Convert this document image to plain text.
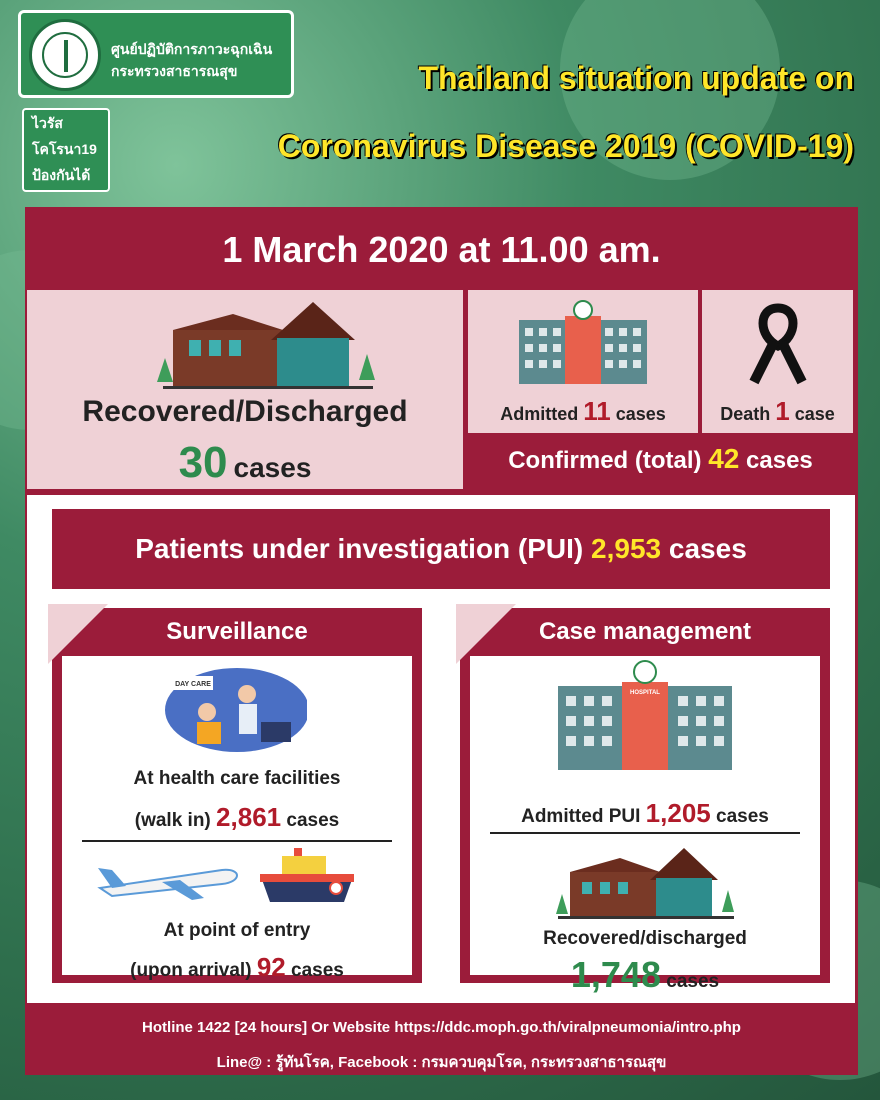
ศูนย์ปฏิบัติการภาวะฉุกเฉิน
กระทรวงสาธารณสุข
ไวรัส
โคโรนา19
ป้องกันได้
Thailand situation update on
Coronavirus Disease 2019 (COVID-19)
1 March 2020 at 11.00 am.
Recovered/Discharged
30 cases
Admitted 11 cases	Death 1 case
Confirmed (total) 42 cases
Patients under investigation (PUI) 2,953 cases
Surveillance
DAY CARE
At health care facilities
(walk in) 2,861 cases
At point of entry
(upon arrival) 92 cases
Case management
HOSPITAL
Admitted PUI 1,205 cases
Recovered/discharged
1,748 cases
Hotline 1422 [24 hours] Or Website https://ddc.moph.go.th/viralpneumonia/intro.php
Line@ : รู้ทันโรค, Facebook : กรมควบคุมโรค, กระทรวงสาธารณสุข
